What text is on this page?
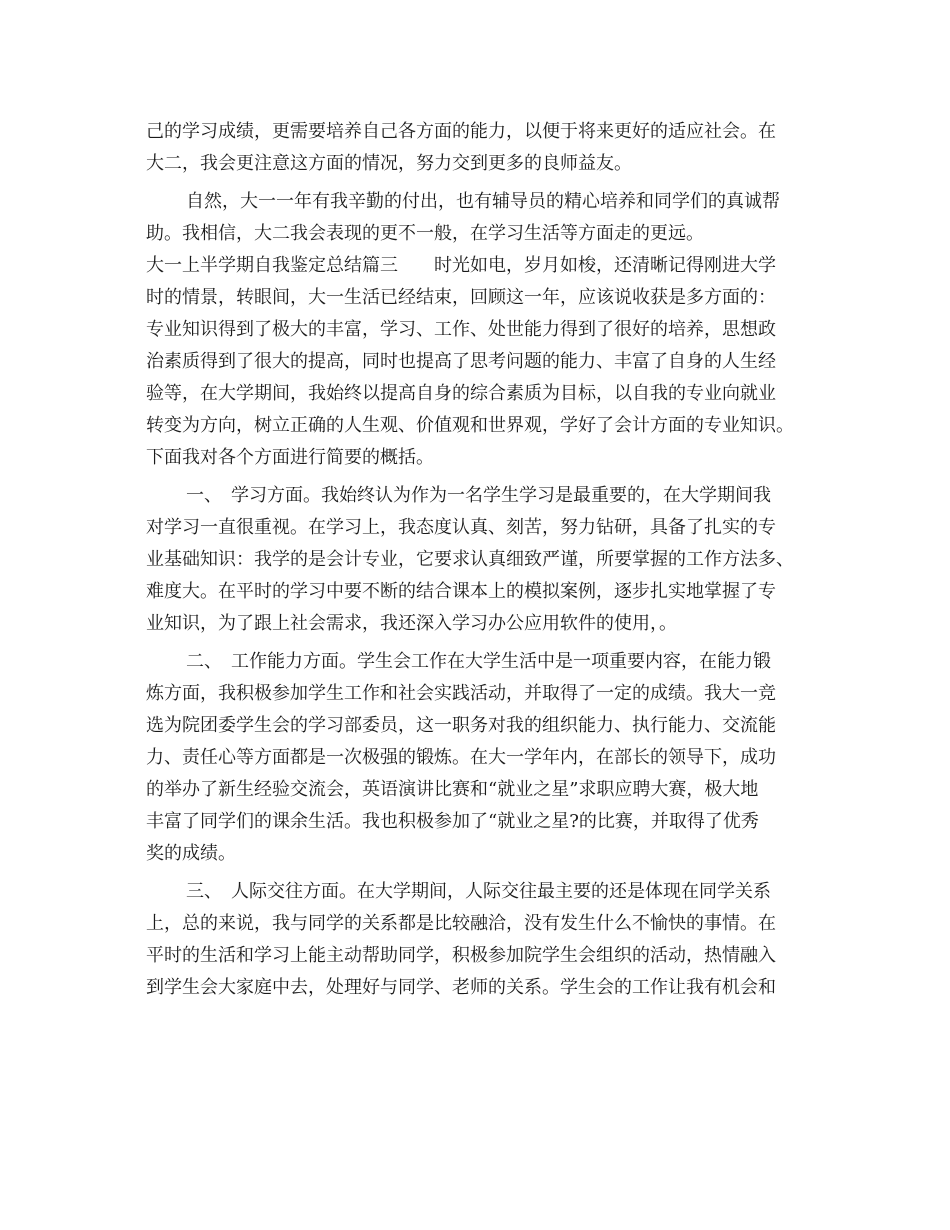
己的学习成绩，更需要培养自己各方面的能力，以便于将来更好的适应社会。在
大二，我会更注意这方面的情况，努力交到更多的良师益友。
自然，大一一年有我辛勤的付出，也有辅导员的精心培养和同学们的真诚帮
助。我相信，大二我会表现的更不一般，在学习生活等方面走的更远。
大一上半学期自我鉴定总结篇三　　时光如电，岁月如梭，还清晰记得刚进大学
时的情景，转眼间，大一生活已经结束，回顾这一年，应该说收获是多方面的：
专业知识得到了极大的丰富，学习、工作、处世能力得到了很好的培养，思想政
治素质得到了很大的提高，同时也提高了思考问题的能力、丰富了自身的人生经
验等，在大学期间，我始终以提高自身的综合素质为目标，以自我的专业向就业
转变为方向，树立正确的人生观、价值观和世界观，学好了会计方面的专业知识。
下面我对各个方面进行简要的概括。
一、　学习方面。我始终认为作为一名学生学习是最重要的，在大学期间我
对学习一直很重视。在学习上，我态度认真、刻苦，努力钻研，具备了扎实的专
业基础知识：我学的是会计专业，它要求认真细致严谨，所要掌握的工作方法多、
难度大。在平时的学习中要不断的结合课本上的模拟案例，逐步扎实地掌握了专
业知识，为了跟上社会需求，我还深入学习办公应用软件的使用，。
二、　工作能力方面。学生会工作在大学生活中是一项重要内容，在能力锻
炼方面，我积极参加学生工作和社会实践活动，并取得了一定的成绩。我大一竞
选为院团委学生会的学习部委员，这一职务对我的组织能力、执行能力、交流能
力、责任心等方面都是一次极强的锻炼。在大一学年内，在部长的领导下，成功
的举办了新生经验交流会，英语演讲比赛和“就业之星”求职应聘大赛，极大地
丰富了同学们的课余生活。我也积极参加了“就业之星?的比赛，并取得了优秀
奖的成绩。
三、　人际交往方面。在大学期间，人际交往最主要的还是体现在同学关系
上，总的来说，我与同学的关系都是比较融洽，没有发生什么不愉快的事情。在
平时的生活和学习上能主动帮助同学，积极参加院学生会组织的活动，热情融入
到学生会大家庭中去，处理好与同学、老师的关系。学生会的工作让我有机会和
